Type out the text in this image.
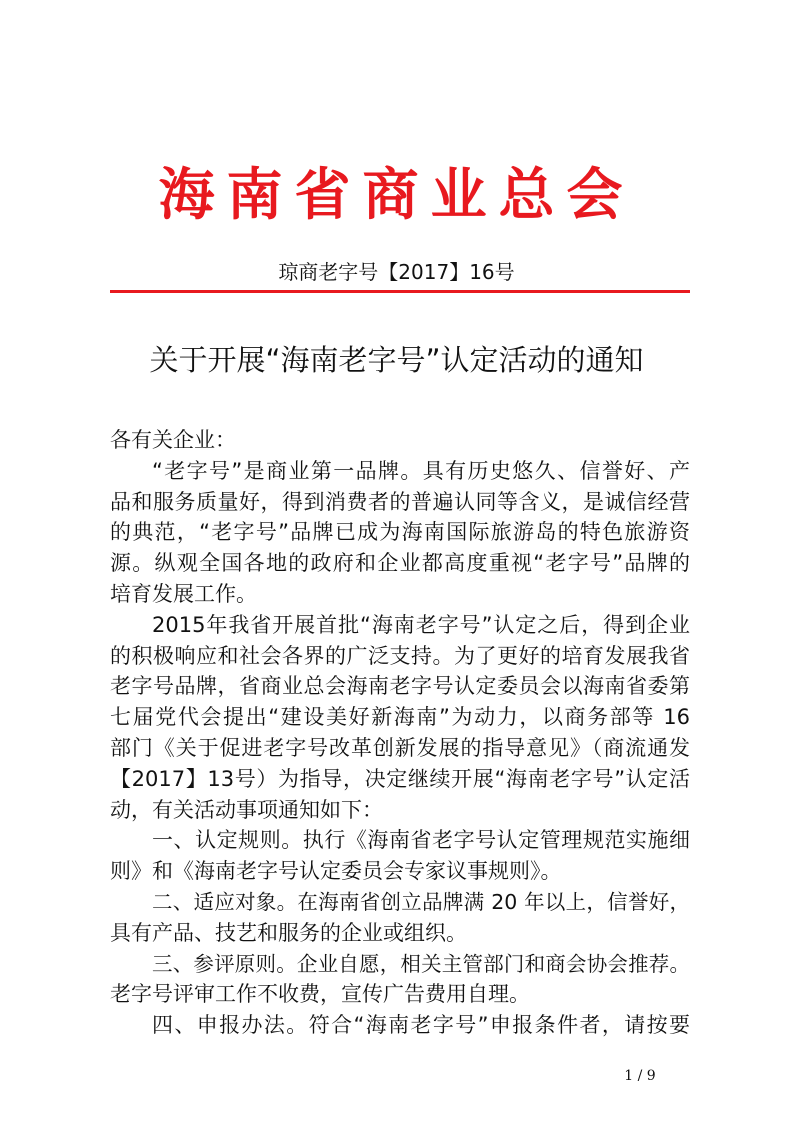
海南省商业总会
琼商老字号【2017】16号
关于开展“海南老字号”认定活动的通知
各有关企业：
“老字号”是商业第一品牌。具有历史悠久、信誉好、产
品和服务质量好，得到消费者的普遍认同等含义，是诚信经营
的典范，“老字号”品牌已成为海南国际旅游岛的特色旅游资
源。纵观全国各地的政府和企业都高度重视“老字号”品牌的
培育发展工作。
2015年我省开展首批“海南老字号”认定之后，得到企业
的积极响应和社会各界的广泛支持。为了更好的培育发展我省
老字号品牌，省商业总会海南老字号认定委员会以海南省委第
七届党代会提出“建设美好新海南”为动力，以商务部等 16
部门《关于促进老字号改革创新发展的指导意见》（商流通发
【2017】13号）为指导，决定继续开展“海南老字号”认定活
动，有关活动事项通知如下：
一、认定规则。执行《海南省老字号认定管理规范实施细
则》和《海南老字号认定委员会专家议事规则》。
二、适应对象。在海南省创立品牌满 20 年以上，信誉好，
具有产品、技艺和服务的企业或组织。
三、参评原则。企业自愿，相关主管部门和商会协会推荐。
老字号评审工作不收费，宣传广告费用自理。
四、申报办法。符合“海南老字号”申报条件者，请按要
1 / 9
